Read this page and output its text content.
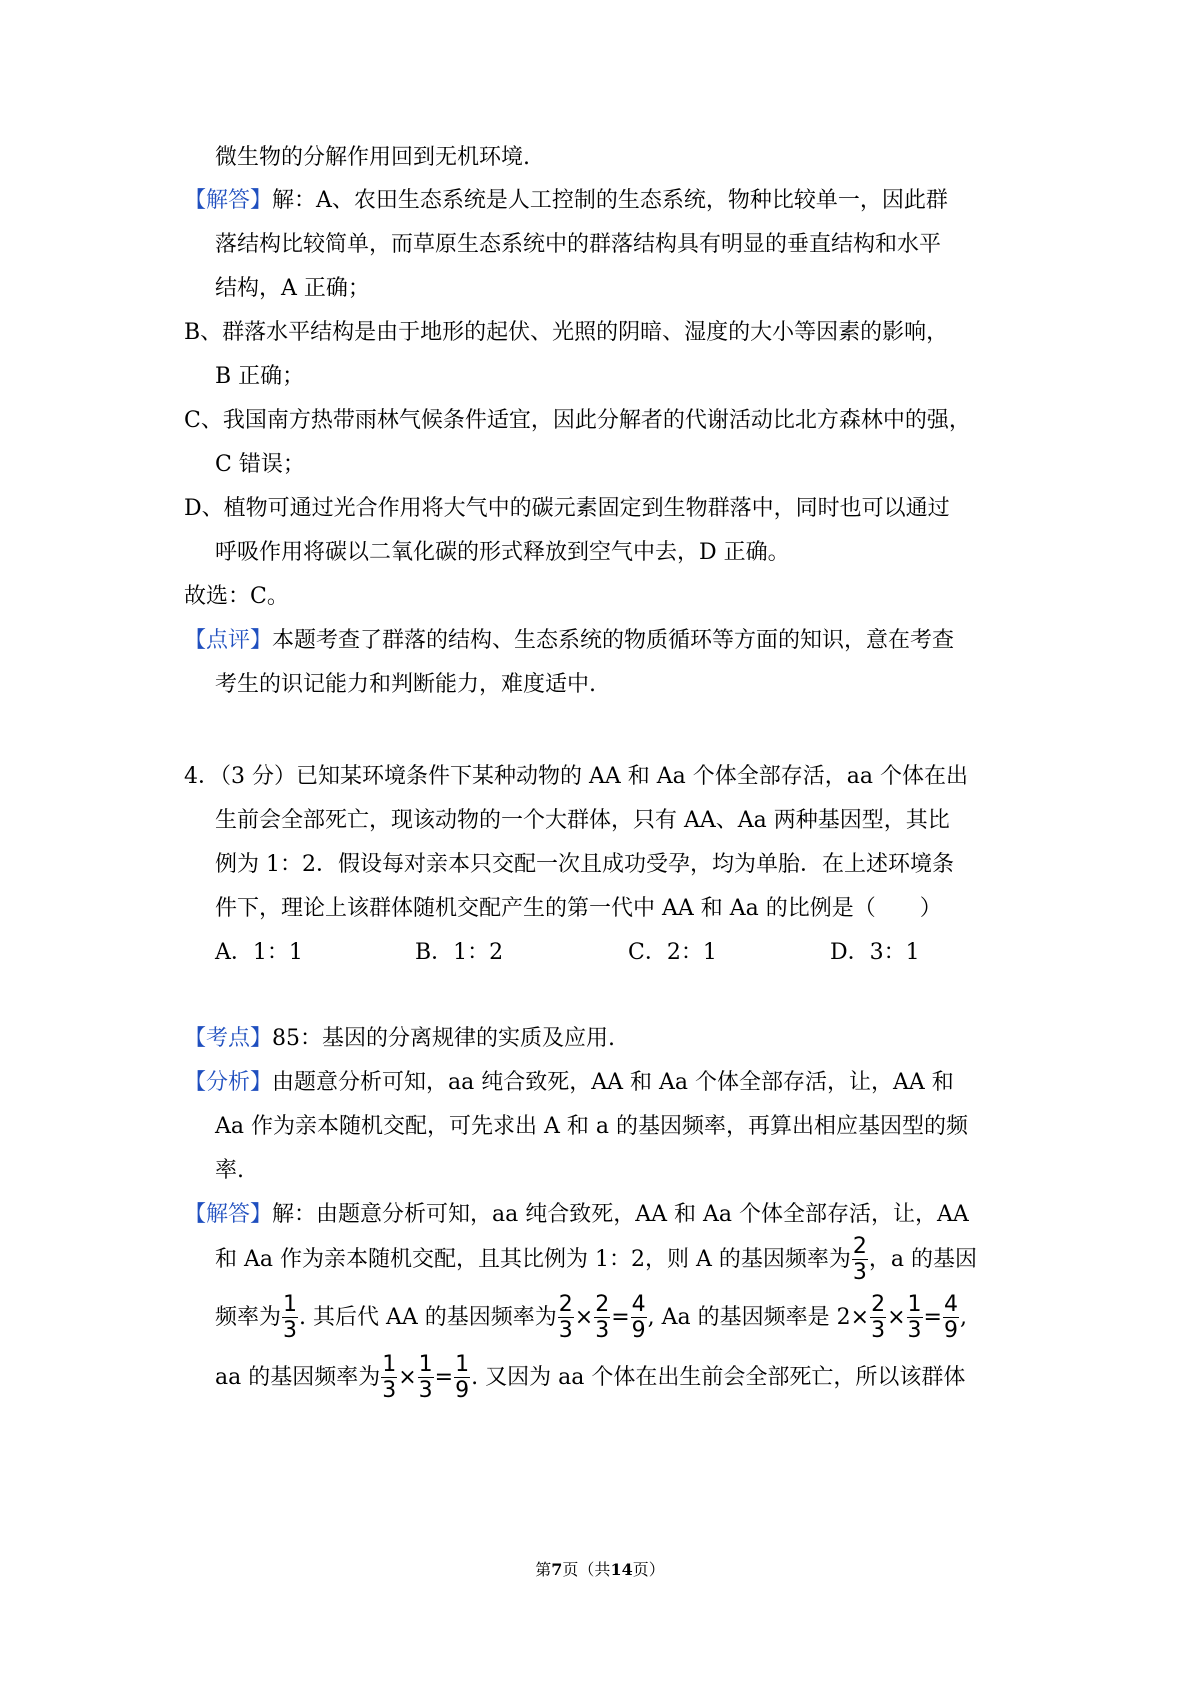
微生物的分解作用回到无机环境.
【解答】解：A、农田生态系统是人工控制的生态系统，物种比较单一，因此群
落结构比较简单，而草原生态系统中的群落结构具有明显的垂直结构和水平
结构，A 正确；
B、群落水平结构是由于地形的起伏、光照的阴暗、湿度的大小等因素的影响，
B 正确；
C、我国南方热带雨林气候条件适宜，因此分解者的代谢活动比北方森林中的强，
C 错误；
D、植物可通过光合作用将大气中的碳元素固定到生物群落中，同时也可以通过
呼吸作用将碳以二氧化碳的形式释放到空气中去，D 正确。
故选：C。
【点评】本题考查了群落的结构、生态系统的物质循环等方面的知识，意在考查
考生的识记能力和判断能力，难度适中.
4．（3 分）已知某环境条件下某种动物的 AA 和 Aa 个体全部存活，aa 个体在出
生前会全部死亡，现该动物的一个大群体，只有 AA、Aa 两种基因型，其比
例为 1：2．假设每对亲本只交配一次且成功受孕，均为单胎．在上述环境条
件下，理论上该群体随机交配产生的第一代中 AA 和 Aa 的比例是（　　）
A．1：1	B．1：2	C．2：1	D．3：1
【考点】85：基因的分离规律的实质及应用.
【分析】由题意分析可知，aa 纯合致死，AA 和 Aa 个体全部存活，让，AA 和
Aa 作为亲本随机交配，可先求出 A 和 a 的基因频率，再算出相应基因型的频
率.
【解答】解：由题意分析可知，aa 纯合致死，AA 和 Aa 个体全部存活，让，AA
和 Aa 作为亲本随机交配，且其比例为 1：2，则 A 的基因频率为 $\frac{2}{3}$ ，a 的基因
频率为 $\frac{1}{3}$ . 其后代 AA 的基因频率为 $\frac{2}{3} \times \frac{2}{3} = \frac{4}{9}$ , Aa 的基因频率是 $2\times \frac{2}{3} \times \frac{1}{3} = \frac{4}{9}$ ,
aa 的基因频率为 $\frac{1}{3} \times \frac{1}{3} = \frac{1}{9}$ . 又因为 aa 个体在出生前会全部死亡，所以该群体
第7页（共14页）
